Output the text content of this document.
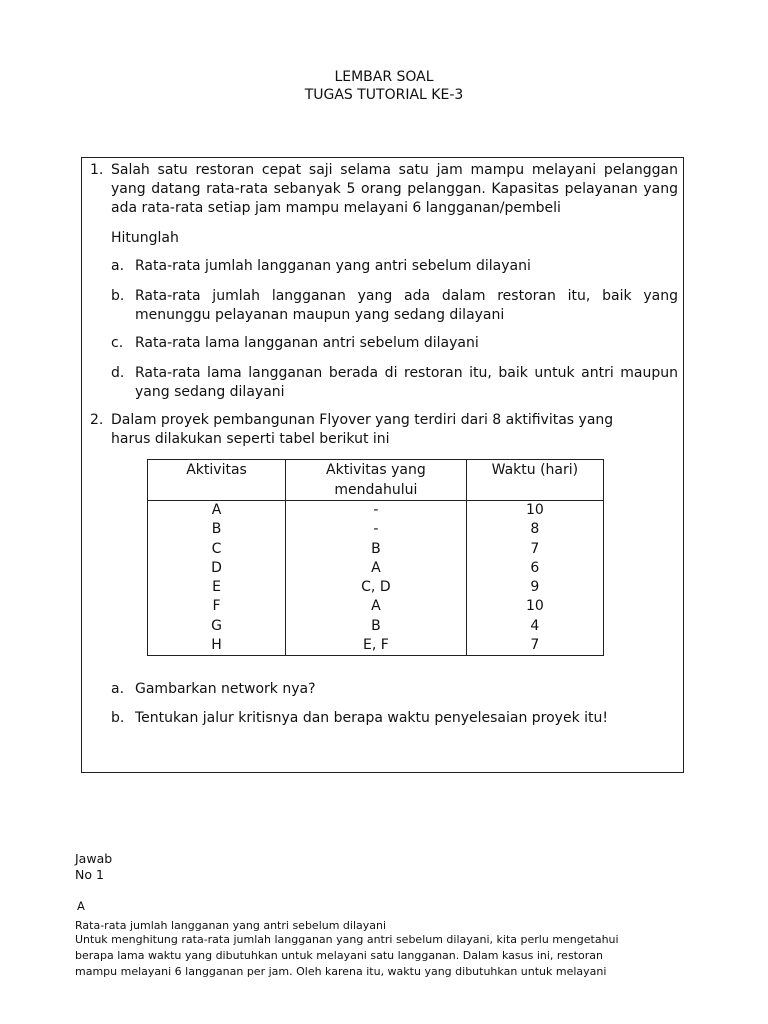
LEMBAR SOAL
TUGAS TUTORIAL KE-3
1. Salah satu restoran cepat saji selama satu jam mampu melayani pelanggan yang datang rata-rata sebanyak 5 orang pelanggan. Kapasitas pelayanan yang ada rata-rata setiap jam mampu melayani 6 langganan/pembeli
Hitunglah
a. Rata-rata jumlah langganan yang antri sebelum dilayani
b. Rata-rata jumlah langganan yang ada dalam restoran itu, baik yang menunggu pelayanan maupun yang sedang dilayani
c. Rata-rata lama langganan antri sebelum dilayani
d. Rata-rata lama langganan berada di restoran itu, baik untuk antri maupun yang sedang dilayani
2. Dalam proyek pembangunan Flyover yang terdiri dari 8 aktifivitas yang harus dilakukan seperti tabel berikut ini
Aktivitas	Aktivitas yang mendahului	Waktu (hari)
A	-	10
B	-	8
C	B	7
D	A	6
E	C, D	9
F	A	10
G	B	4
H	E, F	7
a. Gambarkan network nya?
b. Tentukan jalur kritisnya dan berapa waktu penyelesaian proyek itu!
Jawab
No 1
A
Rata-rata jumlah langganan yang antri sebelum dilayani
Untuk menghitung rata-rata jumlah langganan yang antri sebelum dilayani, kita perlu mengetahui berapa lama waktu yang dibutuhkan untuk melayani satu langganan. Dalam kasus ini, restoran mampu melayani 6 langganan per jam. Oleh karena itu, waktu yang dibutuhkan untuk melayani
